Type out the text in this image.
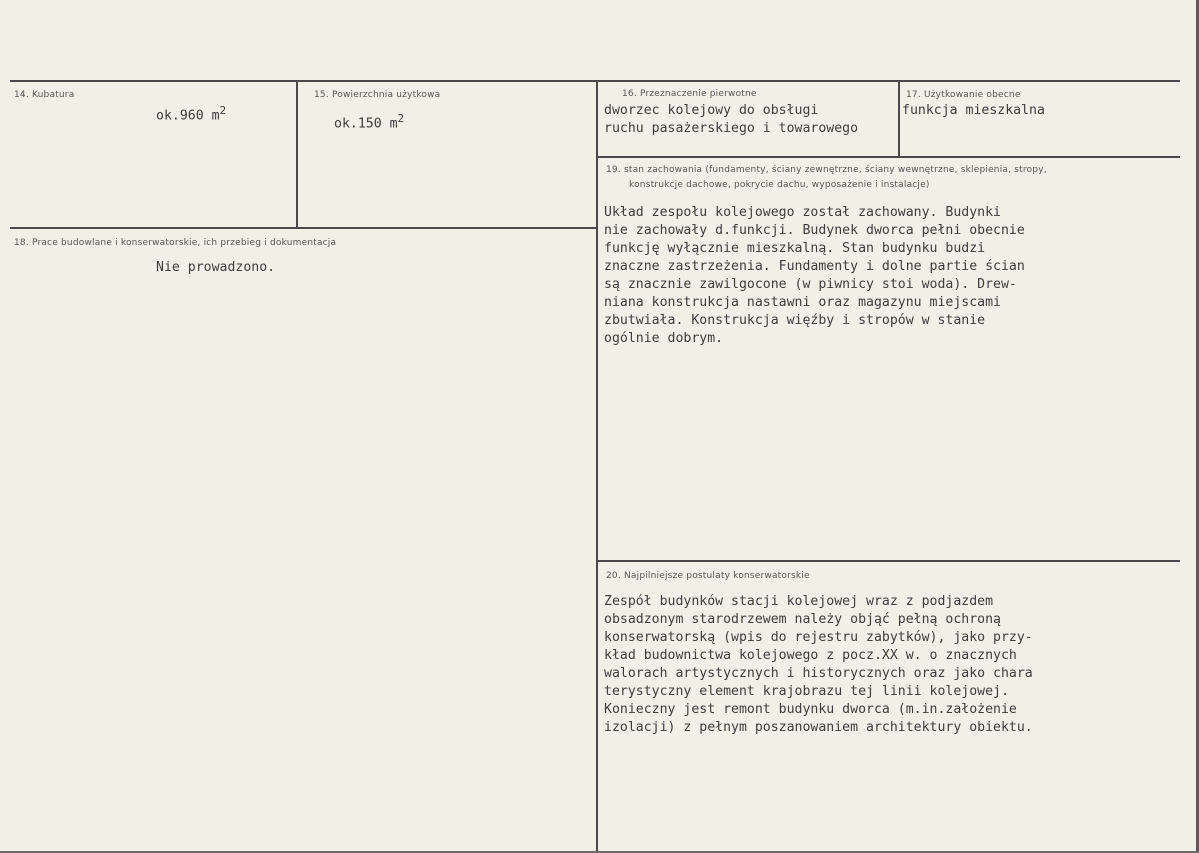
14. Kubatura
ok.960 $m^2$
15. Powierzchnia użytkowa
ok.150 $m^2$
16. Przeznaczenie pierwotne
dworzec kolejowy do obsługi
ruchu pasażerskiego i towarowego
17. Użytkowanie obecne
funkcja mieszkalna
18. Prace budowlane i konserwatorskie, ich przebieg i dokumentacja
Nie prowadzono.
19. stan zachowania (fundamenty, ściany zewnętrzne, ściany wewnętrzne, sklepienia, stropy,
konstrukcje dachowe, pokrycie dachu, wyposażenie i instalacje)
Układ zespołu kolejowego został zachowany. Budynki
nie zachowały d.funkcji. Budynek dworca pełni obecnie
funkcję wyłącznie mieszkalną. Stan budynku budzi
znaczne zastrzeżenia. Fundamenty i dolne partie ścian
są znacznie zawilgocone (w piwnicy stoi woda). Drew-
niana konstrukcja nastawni oraz magazynu miejscami
zbutwiała. Konstrukcja więźby i stropów w stanie
ogólnie dobrym.
20. Najpilniejsze postulaty konserwatorskie
Zespół budynków stacji kolejowej wraz z podjazdem
obsadzonym starodrzewem należy objąć pełną ochroną
konserwatorską (wpis do rejestru zabytków), jako przy-
kład budownictwa kolejowego z pocz.XX w. o znacznych
walorach artystycznych i historycznych oraz jako chara
terystyczny element krajobrazu tej linii kolejowej.
Konieczny jest remont budynku dworca (m.in.założenie
izolacji) z pełnym poszanowaniem architektury obiektu.
